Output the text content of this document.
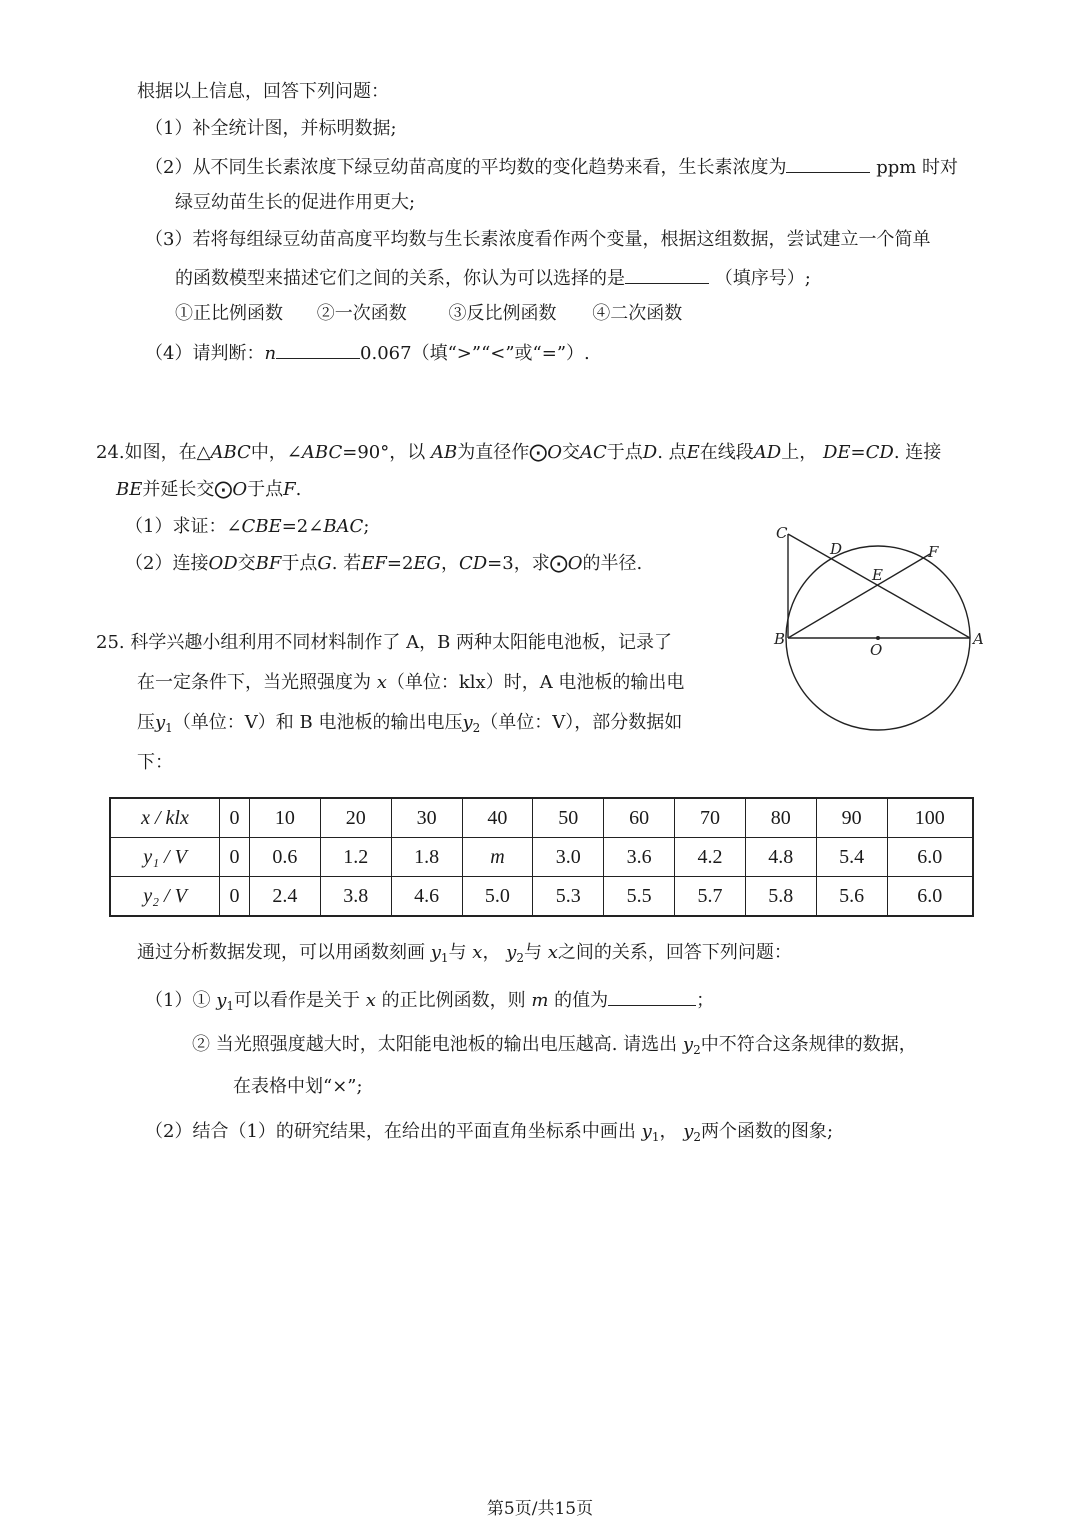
根据以上信息，回答下列问题：
（1）补全统计图，并标明数据;
（2）从不同生长素浓度下绿豆幼苗高度的平均数的变化趋势来看，生长素浓度为	ppm 时对
绿豆幼苗生长的促进作用更大;
（3）若将每组绿豆幼苗高度平均数与生长素浓度看作两个变量，根据这组数据，尝试建立一个简单
的函数模型来描述它们之间的关系，你认为可以选择的是	（填序号）;
①正比例函数 ②一次函数 ③反比例函数 ④二次函数
（4）请判断：n	0.067（填“>”“<”或“=”）.
24.如图，在△ABC中，∠ABC=90°，以 AB为直径作⨀O交AC于点D. 点E在线段AD上， DE=CD. 连接
BE并延长交⨀O于点F.
（1）求证：∠CBE=2∠BAC;
（2）连接OD交BF于点G. 若EF=2EG，CD=3，求⨀O的半径.
C
D	F
E
B
O
A
25. 科学兴趣小组利用不同材料制作了 A，B 两种太阳能电池板，记录了
在一定条件下，当光照强度为 x（单位：klx）时，A 电池板的输出电
压$y_1$（单位：V）和 B 电池板的输出电压$y_2$（单位：V），部分数据如
下：
x / klx	0	10	20	30	40	50	60	70	80	90	100
y₁ / V	0	0.6	1.2	1.8	m	3.0	3.6	4.2	4.8	5.4	6.0
y₂ / V	0	2.4	3.8	4.6	5.0	5.3	5.5	5.7	5.8	5.6	6.0
通过分析数据发现，可以用函数刻画 $y_1$与 x， $y_2$与 x之间的关系，回答下列问题：
（1）① $y_1$可以看作是关于 x 的正比例函数，则 m 的值为	；
② 当光照强度越大时，太阳能电池板的输出电压越高. 请选出 $y_2$中不符合这条规律的数据，
在表格中划“×”;
（2）结合（1）的研究结果，在给出的平面直角坐标系中画出 $y_1$， $y_2$两个函数的图象;
第5页/共15页
